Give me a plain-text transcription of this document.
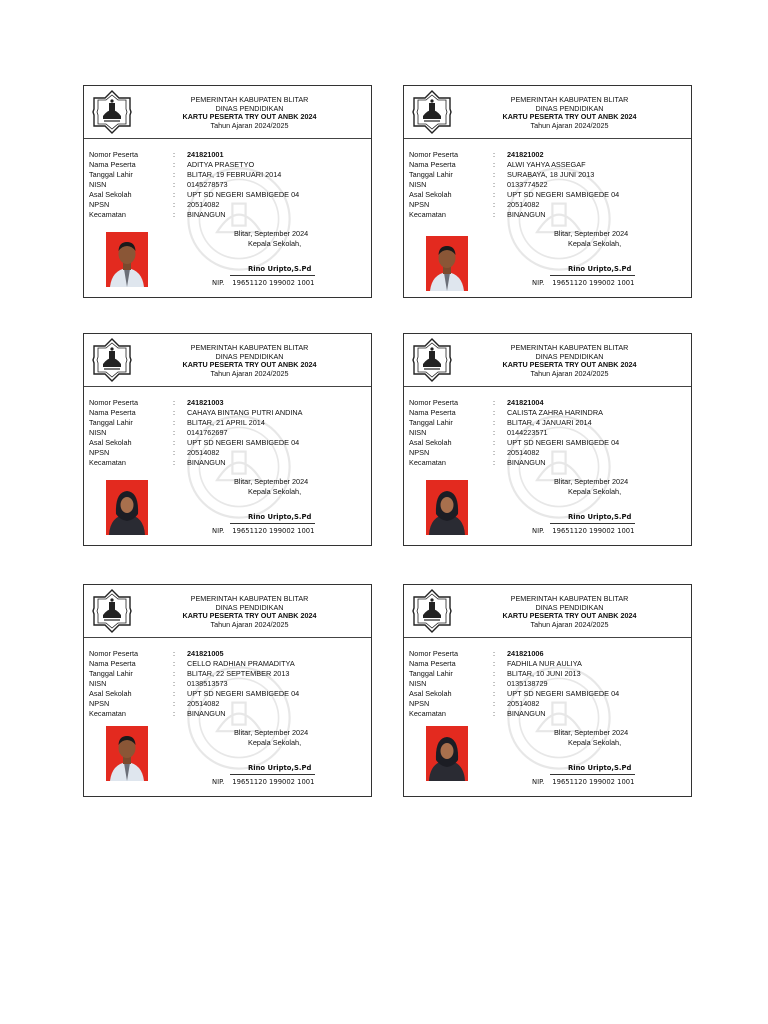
PEMERINTAH KABUPATEN BLITAR
DINAS PENDIDIKAN
KARTU PESERTA TRY OUT ANBK 2024
Tahun Ajaran 2024/2025
Nomor Peserta	:	241821001
Nama Peserta	:	ADITYA PRASETYO
Tanggal Lahir	:	BLITAR, 19 FEBRUARI 2014
NISN	:	0145278573
Asal Sekolah	:	UPT SD NEGERI SAMBIGEDE 04
NPSN	:	20514082
Kecamatan	:	BINANGUN
Blitar, September 2024
Kepala Sekolah,
Rino Uripto,S.Pd
NIP. 19651120 199002 1001
PEMERINTAH KABUPATEN BLITAR
DINAS PENDIDIKAN
KARTU PESERTA TRY OUT ANBK 2024
Tahun Ajaran 2024/2025
Nomor Peserta	:	241821002
Nama Peserta	:	ALWI YAHYA ASSEGAF
Tanggal Lahir	:	SURABAYA, 18 JUNI 2013
NISN	:	0133774522
Asal Sekolah	:	UPT SD NEGERI SAMBIGEDE 04
NPSN	:	20514082
Kecamatan	:	BINANGUN
Blitar, September 2024
Kepala Sekolah,
Rino Uripto,S.Pd
NIP. 19651120 199002 1001
PEMERINTAH KABUPATEN BLITAR
DINAS PENDIDIKAN
KARTU PESERTA TRY OUT ANBK 2024
Tahun Ajaran 2024/2025
Nomor Peserta	:	241821003
Nama Peserta	:	CAHAYA BINTANG PUTRI ANDINA
Tanggal Lahir	:	BLITAR, 21 APRIL 2014
NISN	:	0141762697
Asal Sekolah	:	UPT SD NEGERI SAMBIGEDE 04
NPSN	:	20514082
Kecamatan	:	BINANGUN
Blitar, September 2024
Kepala Sekolah,
Rino Uripto,S.Pd
NIP. 19651120 199002 1001
PEMERINTAH KABUPATEN BLITAR
DINAS PENDIDIKAN
KARTU PESERTA TRY OUT ANBK 2024
Tahun Ajaran 2024/2025
Nomor Peserta	:	241821004
Nama Peserta	:	CALISTA ZAHRA HARINDRA
Tanggal Lahir	:	BLITAR, 4 JANUARI 2014
NISN	:	0144223571
Asal Sekolah	:	UPT SD NEGERI SAMBIGEDE 04
NPSN	:	20514082
Kecamatan	:	BINANGUN
Blitar, September 2024
Kepala Sekolah,
Rino Uripto,S.Pd
NIP. 19651120 199002 1001
PEMERINTAH KABUPATEN BLITAR
DINAS PENDIDIKAN
KARTU PESERTA TRY OUT ANBK 2024
Tahun Ajaran 2024/2025
Nomor Peserta	:	241821005
Nama Peserta	:	CELLO RADHIAN PRAMADITYA
Tanggal Lahir	:	BLITAR, 22 SEPTEMBER 2013
NISN	:	0138513573
Asal Sekolah	:	UPT SD NEGERI SAMBIGEDE 04
NPSN	:	20514082
Kecamatan	:	BINANGUN
Blitar, September 2024
Kepala Sekolah,
Rino Uripto,S.Pd
NIP. 19651120 199002 1001
PEMERINTAH KABUPATEN BLITAR
DINAS PENDIDIKAN
KARTU PESERTA TRY OUT ANBK 2024
Tahun Ajaran 2024/2025
Nomor Peserta	:	241821006
Nama Peserta	:	FADHILA NUR AULIYA
Tanggal Lahir	:	BLITAR, 10 JUNI 2013
NISN	:	0135138729
Asal Sekolah	:	UPT SD NEGERI SAMBIGEDE 04
NPSN	:	20514082
Kecamatan	:	BINANGUN
Blitar, September 2024
Kepala Sekolah,
Rino Uripto,S.Pd
NIP. 19651120 199002 1001
